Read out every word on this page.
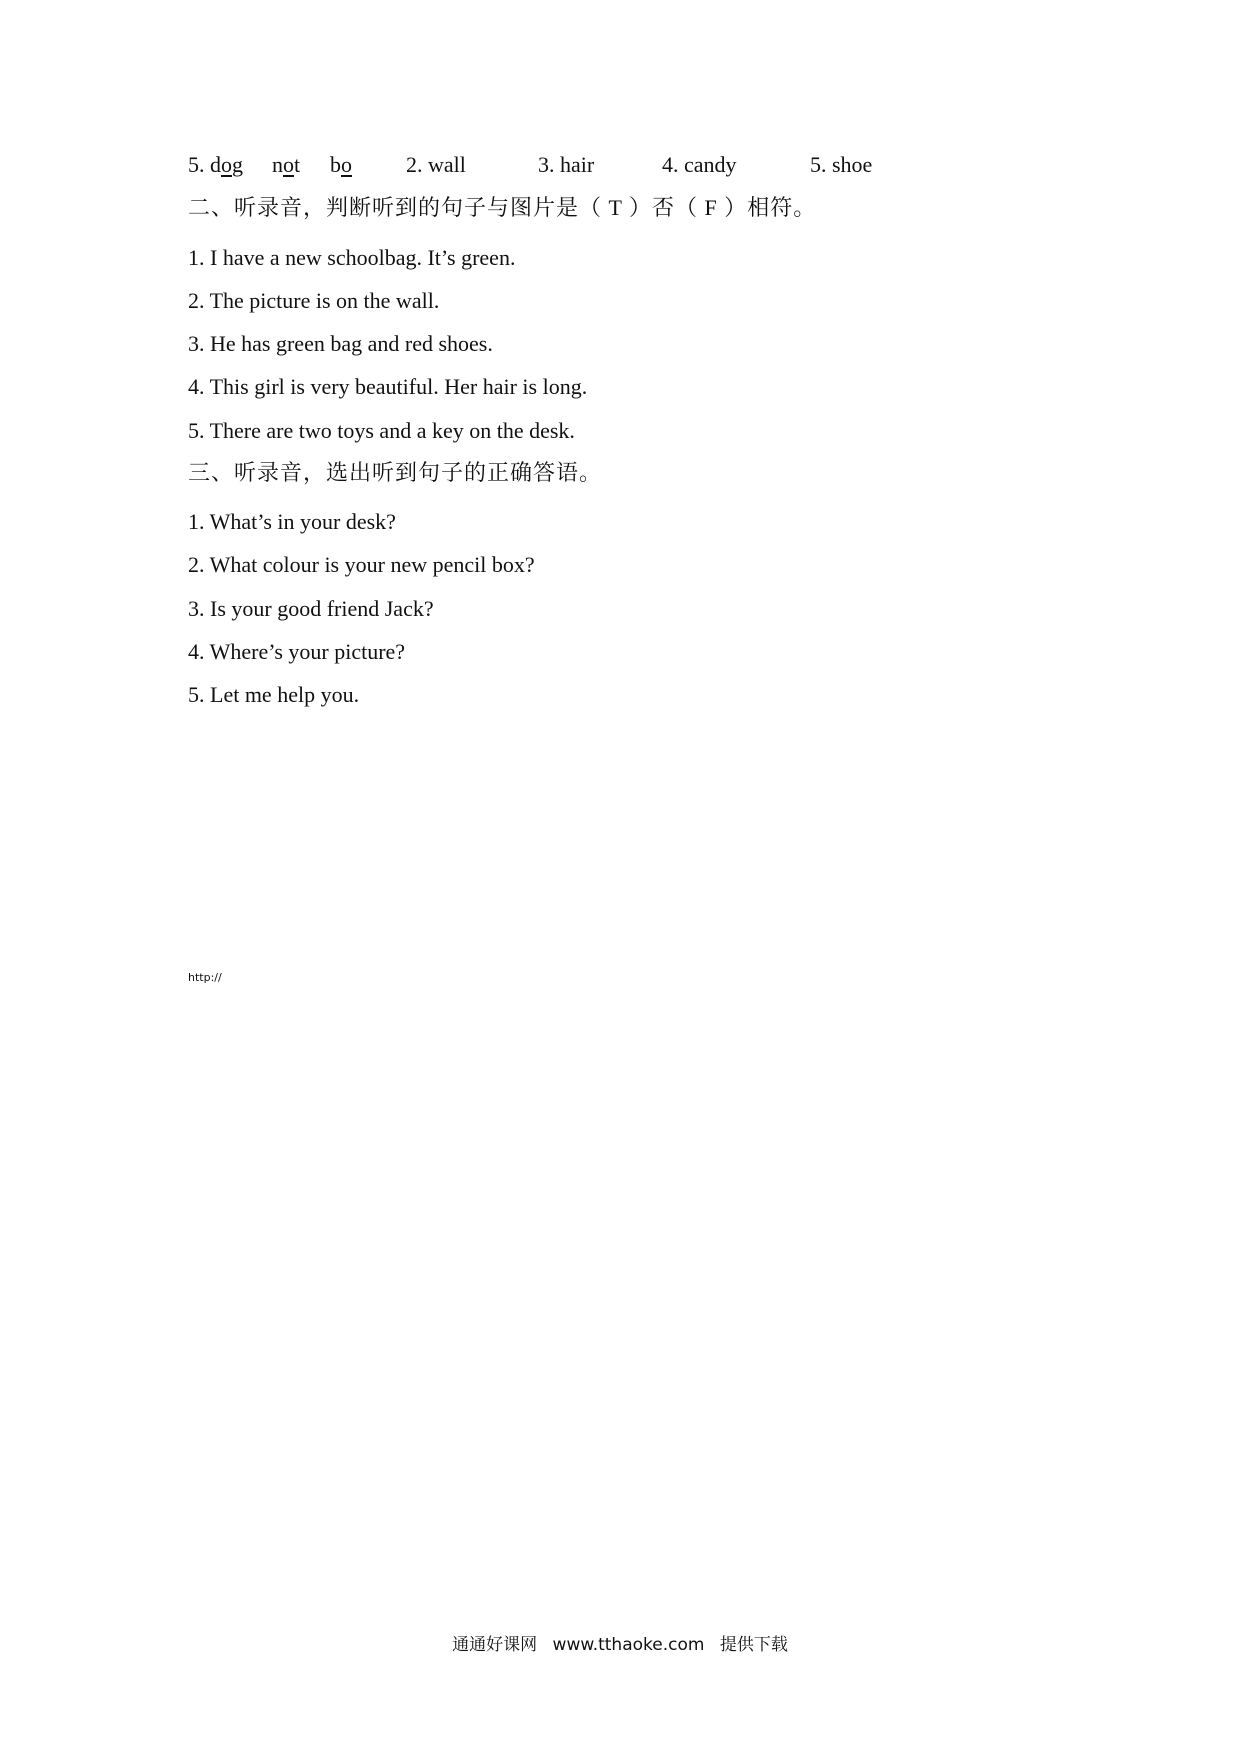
5. dog	not	bo	2. wall	3. hair	4. candy	5. shoe
二、听录音，判断听到的句子与图片是（ T ）否（ F ）相符。
1. I have a new schoolbag. It’s green.
2. The picture is on the wall.
3. He has green bag and red shoes.
4. This girl is very beautiful. Her hair is long.
5. There are two toys and a key on the desk.
三、听录音，选出听到句子的正确答语。
1. What’s in your desk?
2. What colour is your new pencil box?
3. Is your good friend Jack?
4. Where’s your picture?
5. Let me help you.
http://
通通好课网 www.tthaoke.com 提供下载
